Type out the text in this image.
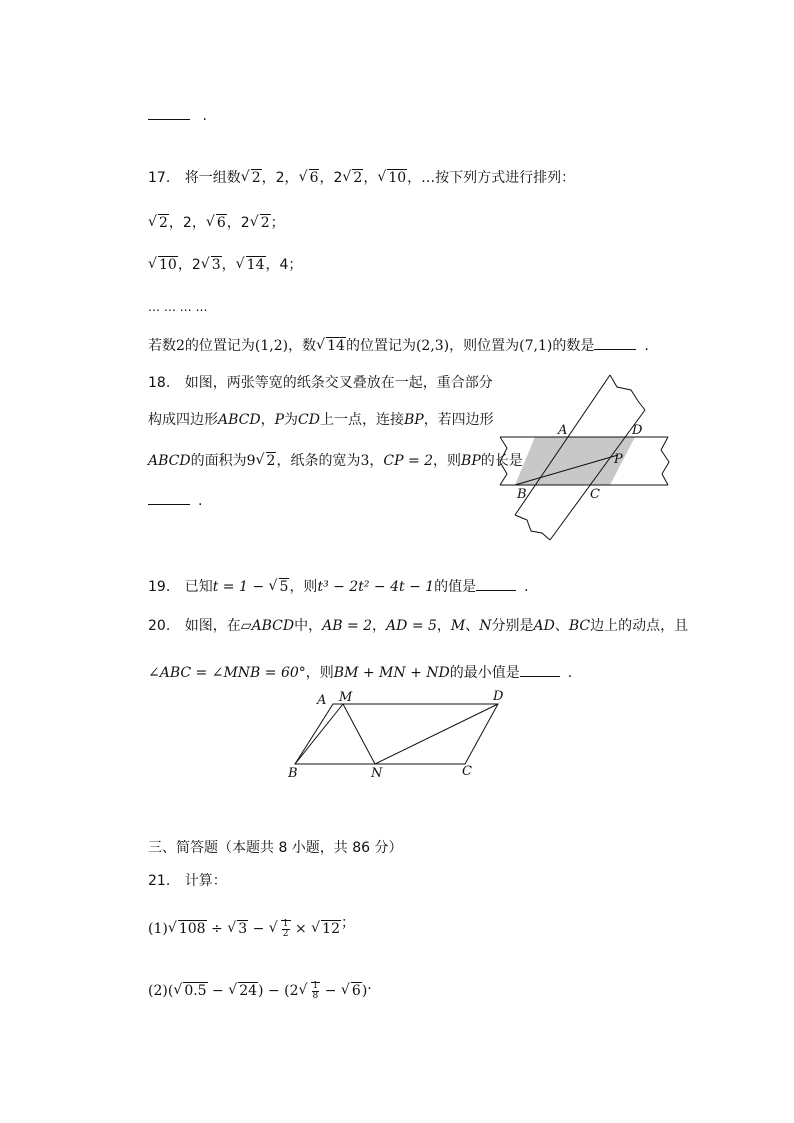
.
17. 将一组数 √ 2，2， √ 6，2 √ 2， √ 10，…按下列方式进行排列：
√ 2，2， √ 6，2 √ 2；
√ 10，2 √ 3， √ 14，4；
… … … …
若数2的位置记为(1,2)，数 √ 14的位置记为(2,3)，则位置为(7,1)的数是	.
18. 如图，两张等宽的纸条交叉叠放在一起，重合部分
构成四边形ABCD，P为CD上一点，连接BP，若四边形
ABCD的面积为9 √ 2，纸条的宽为3，CP = 2，则BP的长是
.
A	D
P
B	C
19. 已知t = 1 − √ 5，则t³ − 2t² − 4t − 1的值是	.
20. 如图，在▱ABCD中，AB = 2，AD = 5，M、N分别是AD、BC边上的动点，且
∠ABC = ∠MNB = 60°，则BM + MN + ND的最小值是	.
A M	D
B	N	C
三、简答题（本题共 8 小题，共 86 分）
21. 计算：
(1) √ 108 ÷ √ 3 − √ $\frac{1}{2}$ × √ 12；
(2)( √ 0.5 − √ 24) − (2 √ $\frac{1}{8}$ − √ 6).
